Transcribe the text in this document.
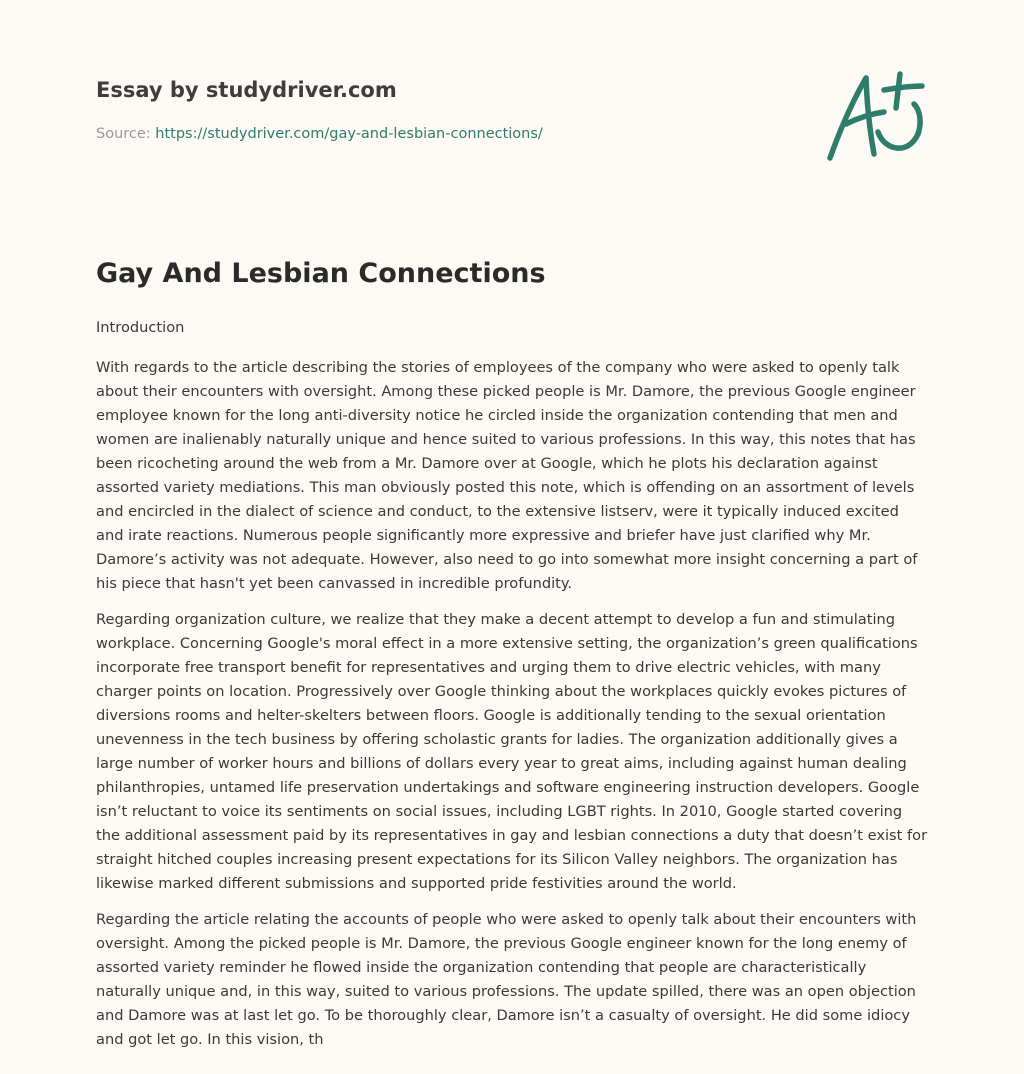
Essay by studydriver.com
Source: https://studydriver.com/gay-and-lesbian-connections/
Gay And Lesbian Connections

Introduction

With regards to the article describing the stories of employees of the company who were asked to openly talk about their encounters with oversight. Among these picked people is Mr. Damore, the previous Google engineer employee known for the long anti-diversity notice he circled inside the organization contending that men and women are inalienably naturally unique and hence suited to various professions. In this way, this notes that has been ricocheting around the web from a Mr. Damore over at Google, which he plots his declaration against assorted variety mediations. This man obviously posted this note, which is offending on an assortment of levels and encircled in the dialect of science and conduct, to the extensive listserv, were it typically induced excited and irate reactions. Numerous people significantly more expressive and briefer have just clarified why Mr. Damore’s activity was not adequate. However, also need to go into somewhat more insight concerning a part of his piece that hasn't yet been canvassed in incredible profundity.

Regarding organization culture, we realize that they make a decent attempt to develop a fun and stimulating workplace. Concerning Google's moral effect in a more extensive setting, the organization’s green qualifications incorporate free transport benefit for representatives and urging them to drive electric vehicles, with many charger points on location. Progressively over Google thinking about the workplaces quickly evokes pictures of diversions rooms and helter-skelters between floors. Google is additionally tending to the sexual orientation unevenness in the tech business by offering scholastic grants for ladies. The organization additionally gives a large number of worker hours and billions of dollars every year to great aims, including against human dealing philanthropies, untamed life preservation undertakings and software engineering instruction developers. Google isn’t reluctant to voice its sentiments on social issues, including LGBT rights. In 2010, Google started covering the additional assessment paid by its representatives in gay and lesbian connections a duty that doesn’t exist for straight hitched couples increasing present expectations for its Silicon Valley neighbors. The organization has likewise marked different submissions and supported pride festivities around the world.

Regarding the article relating the accounts of people who were asked to openly talk about their encounters with oversight. Among the picked people is Mr. Damore, the previous Google engineer known for the long enemy of assorted variety reminder he flowed inside the organization contending that people are characteristically naturally unique and, in this way, suited to various professions. The update spilled, there was an open objection and Damore was at last let go. To be thoroughly clear, Damore isn’t a casualty of oversight. He did some idiocy and got let go. In this vision, th
